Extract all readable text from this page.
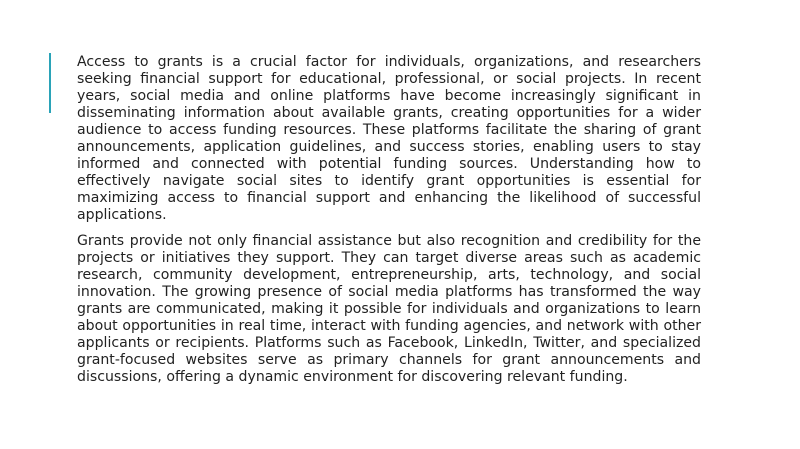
Access to grants is a crucial factor for individuals, organizations, and researchers seeking financial support for educational, professional, or social projects. In recent years, social media and online platforms have become increasingly significant in disseminating information about available grants, creating opportunities for a wider audience to access funding resources. These platforms facilitate the sharing of grant announcements, application guidelines, and success stories, enabling users to stay informed and connected with potential funding sources. Understanding how to effectively navigate social sites to identify grant opportunities is essential for maximizing access to financial support and enhancing the likelihood of successful applications.

Grants provide not only financial assistance but also recognition and credibility for the projects or initiatives they support. They can target diverse areas such as academic research, community development, entrepreneurship, arts, technology, and social innovation. The growing presence of social media platforms has transformed the way grants are communicated, making it possible for individuals and organizations to learn about opportunities in real time, interact with funding agencies, and network with other applicants or recipients. Platforms such as Facebook, LinkedIn, Twitter, and specialized grant-focused websites serve as primary channels for grant announcements and discussions, offering a dynamic environment for discovering relevant funding.
